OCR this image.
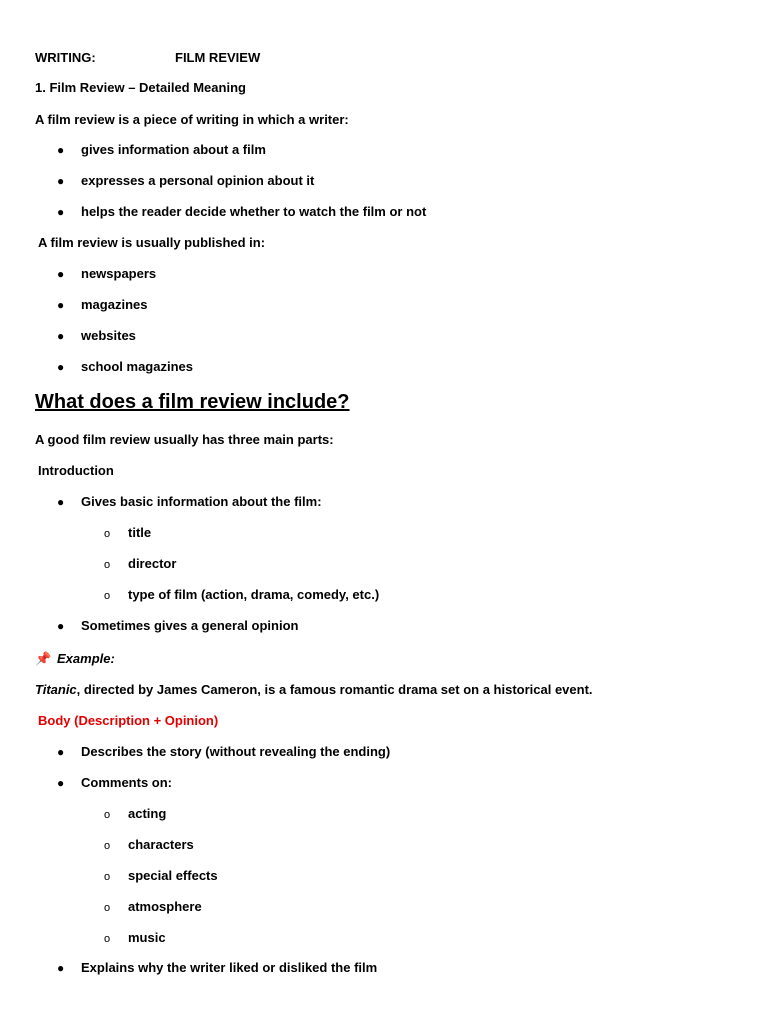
WRITING:	FILM REVIEW
1. Film Review – Detailed Meaning
A film review is a piece of writing in which a writer:
● gives information about a film
● expresses a personal opinion about it
● helps the reader decide whether to watch the film or not
A film review is usually published in:
● newspapers
● magazines
● websites
● school magazines
What does a film review include?
A good film review usually has three main parts:
Introduction
● Gives basic information about the film:
o title
o director
o type of film (action, drama, comedy, etc.)
● Sometimes gives a general opinion
📌 Example:
Titanic, directed by James Cameron, is a famous romantic drama set on a historical event.
Body (Description + Opinion)
● Describes the story (without revealing the ending)
● Comments on:
o acting
o characters
o special effects
o atmosphere
o music
● Explains why the writer liked or disliked the film
